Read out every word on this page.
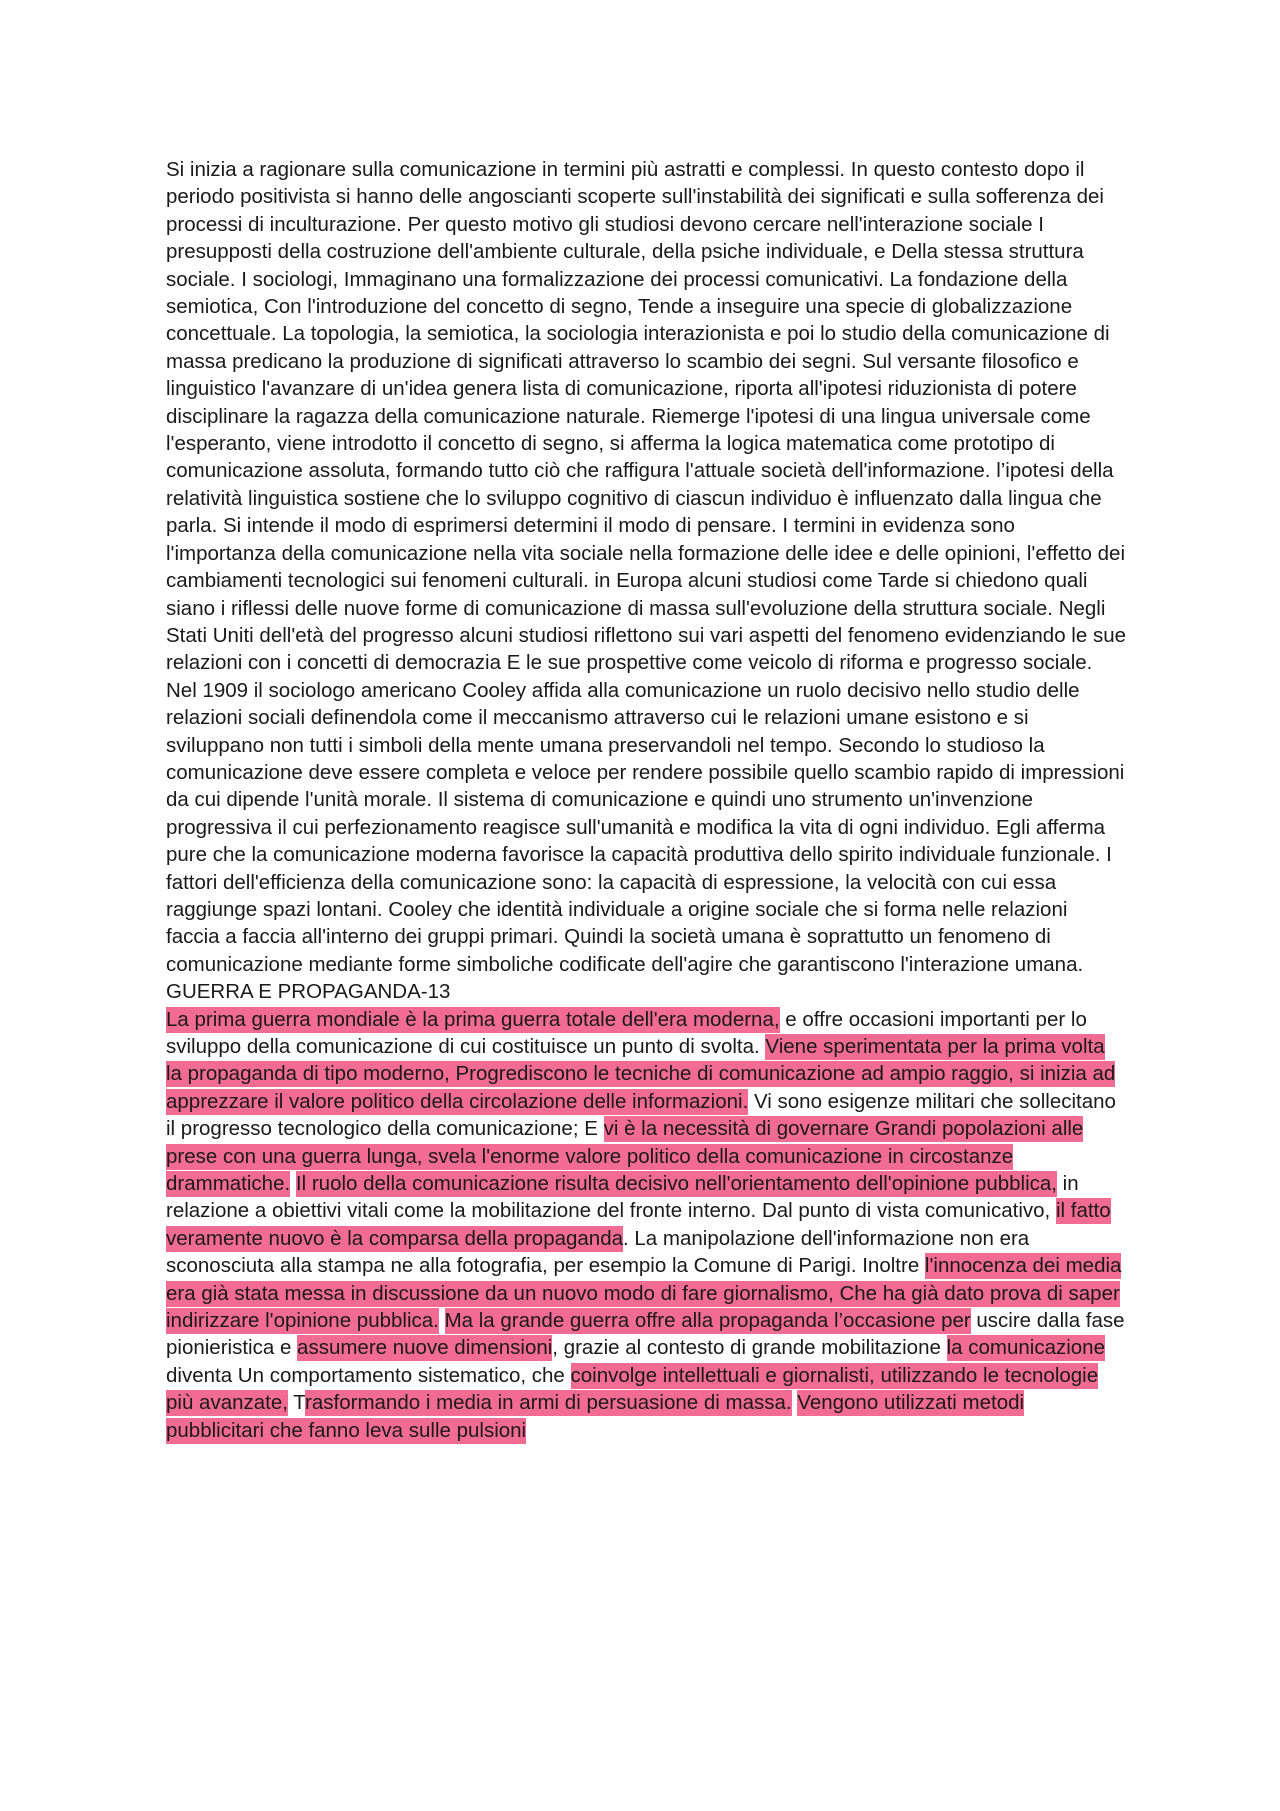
Si inizia a ragionare sulla comunicazione in termini più astratti e complessi. In questo contesto dopo il periodo positivista si hanno delle angoscianti scoperte sull'instabilità dei significati e sulla sofferenza dei processi di inculturazione. Per questo motivo gli studiosi devono cercare nell'interazione sociale I presupposti della costruzione dell'ambiente culturale, della psiche individuale, e Della stessa struttura sociale. I sociologi, Immaginano una formalizzazione dei processi comunicativi. La fondazione della semiotica, Con l'introduzione del concetto di segno, Tende a inseguire una specie di globalizzazione concettuale. La topologia, la semiotica, la sociologia interazionista e poi lo studio della comunicazione di massa predicano la produzione di significati attraverso lo scambio dei segni. Sul versante filosofico e linguistico l'avanzare di un'idea genera lista di comunicazione, riporta all'ipotesi riduzionista di potere disciplinare la ragazza della comunicazione naturale. Riemerge l'ipotesi di una lingua universale come l'esperanto, viene introdotto il concetto di segno, si afferma la logica matematica come prototipo di comunicazione assoluta, formando tutto ciò che raffigura l'attuale società dell'informazione. l’ipotesi della relatività linguistica sostiene che lo sviluppo cognitivo di ciascun individuo è influenzato dalla lingua che parla. Si intende il modo di esprimersi determini il modo di pensare. I termini in evidenza sono l'importanza della comunicazione nella vita sociale nella formazione delle idee e delle opinioni, l'effetto dei cambiamenti tecnologici sui fenomeni culturali. in Europa alcuni studiosi come Tarde si chiedono quali siano i riflessi delle nuove forme di comunicazione di massa sull'evoluzione della struttura sociale. Negli Stati Uniti dell'età del progresso alcuni studiosi riflettono sui vari aspetti del fenomeno evidenziando le sue relazioni con i concetti di democrazia E le sue prospettive come veicolo di riforma e progresso sociale. Nel 1909 il sociologo americano Cooley affida alla comunicazione un ruolo decisivo nello studio delle relazioni sociali definendola come il meccanismo attraverso cui le relazioni umane esistono e si sviluppano non tutti i simboli della mente umana preservandoli nel tempo. Secondo lo studioso la comunicazione deve essere completa e veloce per rendere possibile quello scambio rapido di impressioni da cui dipende l'unità morale. Il sistema di comunicazione e quindi uno strumento un'invenzione progressiva il cui perfezionamento reagisce sull'umanità e modifica la vita di ogni individuo. Egli afferma pure che la comunicazione moderna favorisce la capacità produttiva dello spirito individuale funzionale. I fattori dell'efficienza della comunicazione sono: la capacità di espressione, la velocità con cui essa raggiunge spazi lontani. Cooley che identità individuale a origine sociale che si forma nelle relazioni faccia a faccia all'interno dei gruppi primari. Quindi la società umana è soprattutto un fenomeno di comunicazione mediante forme simboliche codificate dell'agire che garantiscono l'interazione umana.

GUERRA E PROPAGANDA-13

La prima guerra mondiale è la prima guerra totale dell'era moderna, e offre occasioni importanti per lo sviluppo della comunicazione di cui costituisce un punto di svolta. Viene sperimentata per la prima volta la propaganda di tipo moderno, Progrediscono le tecniche di comunicazione ad ampio raggio, si inizia ad apprezzare il valore politico della circolazione delle informazioni. Vi sono esigenze militari che sollecitano il progresso tecnologico della comunicazione; E vi è la necessità di governare Grandi popolazioni alle prese con una guerra lunga, svela l'enorme valore politico della comunicazione in circostanze drammatiche. Il ruolo della comunicazione risulta decisivo nell'orientamento dell'opinione pubblica, in relazione a obiettivi vitali come la mobilitazione del fronte interno. Dal punto di vista comunicativo, il fatto veramente nuovo è la comparsa della propaganda. La manipolazione dell'informazione non era sconosciuta alla stampa ne alla fotografia, per esempio la Comune di Parigi. Inoltre l'innocenza dei media era già stata messa in discussione da un nuovo modo di fare giornalismo, Che ha già dato prova di saper indirizzare l'opinione pubblica. Ma la grande guerra offre alla propaganda l’occasione per uscire dalla fase pionieristica e assumere nuove dimensioni, grazie al contesto di grande mobilitazione la comunicazione diventa Un comportamento sistematico, che coinvolge intellettuali e giornalisti, utilizzando le tecnologie più avanzate, Trasformando i media in armi di persuasione di massa. Vengono utilizzati metodi pubblicitari che fanno leva sulle pulsioni
